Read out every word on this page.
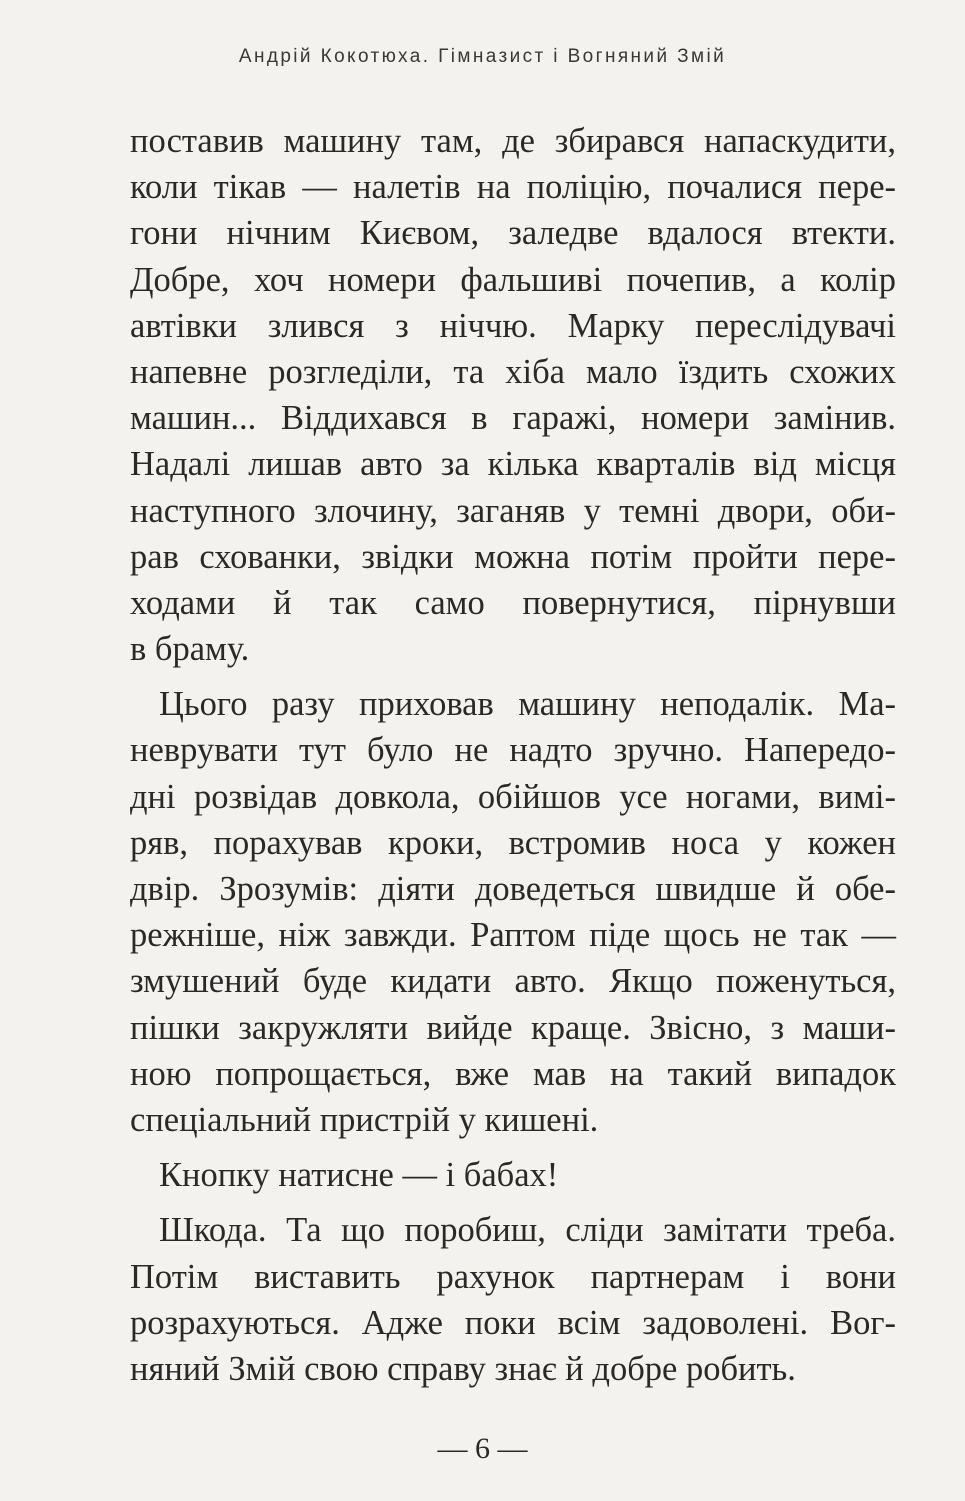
Андрій Кокотюха. Гімназист і Вогняний Змій
поставив машину там, де збирався напаскудити,
коли тікав — налетів на поліцію, почалися пере-
гони нічним Києвом, заледве вдалося втекти.
Добре, хоч номери фальшиві почепив, а колір
автівки злився з ніччю. Марку переслідувачі
напевне розгледіли, та хіба мало їздить схожих
машин... Віддихався в гаражі, номери замінив.
Надалі лишав авто за кілька кварталів від місця
наступного злочину, заганяв у темні двори, оби-
рав схованки, звідки можна потім пройти пере-
ходами й так само повернутися, пірнувши
в браму.
Цього разу приховав машину неподалік. Ма-
неврувати тут було не надто зручно. Напередо-
дні розвідав довкола, обійшов усе ногами, вимі-
ряв, порахував кроки, встромив носа у кожен
двір. Зрозумів: діяти доведеться швидше й обе-
режніше, ніж завжди. Раптом піде щось не так —
змушений буде кидати авто. Якщо поженуться,
пішки закружляти вийде краще. Звісно, з маши-
ною попрощається, вже мав на такий випадок
спеціальний пристрій у кишені.
Кнопку натисне — і бабах!
Шкода. Та що поробиш, сліди замітати треба.
Потім виставить рахунок партнерам і вони
розрахуються. Адже поки всім задоволені. Вог-
няний Змій свою справу знає й добре робить.
— 6 —
